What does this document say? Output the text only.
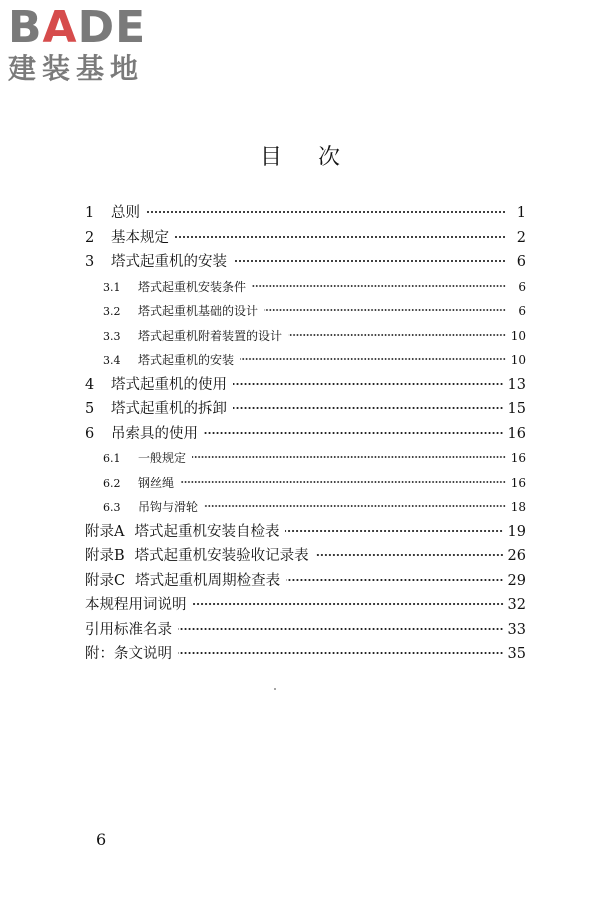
BADE
建装基地
目次
1	总则	1
2	基本规定	2
3	塔式起重机的安装	6
3.1	塔式起重机安装条件	6
3.2	塔式起重机基础的设计	6
3.3	塔式起重机附着装置的设计	10
3.4	塔式起重机的安装	10
4	塔式起重机的使用	13
5	塔式起重机的拆卸	15
6	吊索具的使用	16
6.1	一般规定	16
6.2	钢丝绳	16
6.3	吊钩与滑轮	18
附录A 塔式起重机安装自检表	19
附录B 塔式起重机安装验收记录表	26
附录C 塔式起重机周期检查表	29
本规程用词说明	32
引用标准名录	33
附：条文说明	35
6
